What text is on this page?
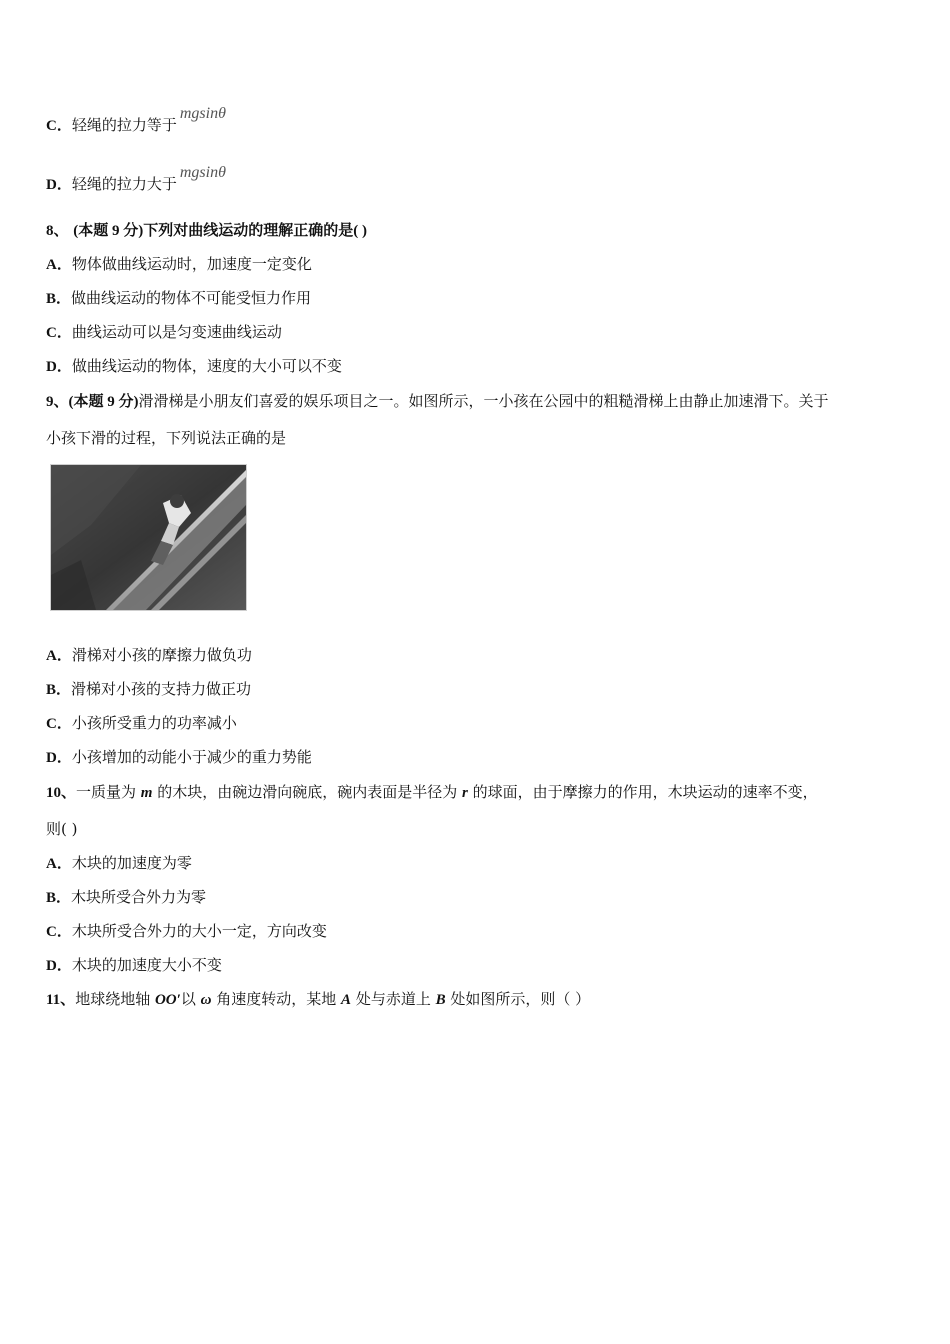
C．轻绳的拉力等于mgsinθ
D．轻绳的拉力大于mgsinθ
8、 (本题 9 分)下列对曲线运动的理解正确的是( )
A．物体做曲线运动时，加速度一定变化
B．做曲线运动的物体不可能受恒力作用
C．曲线运动可以是匀变速曲线运动
D．做曲线运动的物体，速度的大小可以不变
9、(本题 9 分)滑滑梯是小朋友们喜爱的娱乐项目之一。如图所示，一小孩在公园中的粗糙滑梯上由静止加速滑下。关于
小孩下滑的过程，下列说法正确的是
A．滑梯对小孩的摩擦力做负功
B．滑梯对小孩的支持力做正功
C．小孩所受重力的功率减小
D．小孩增加的动能小于减少的重力势能
10、一质量为 m 的木块，由碗边滑向碗底，碗内表面是半径为 r 的球面，由于摩擦力的作用，木块运动的速率不变，
则( )
A．木块的加速度为零
B．木块所受合外力为零
C．木块所受合外力的大小一定，方向改变
D．木块的加速度大小不变
11、地球绕地轴 OO′以 ω 角速度转动，某地 A 处与赤道上 B 处如图所示，则（ ）
